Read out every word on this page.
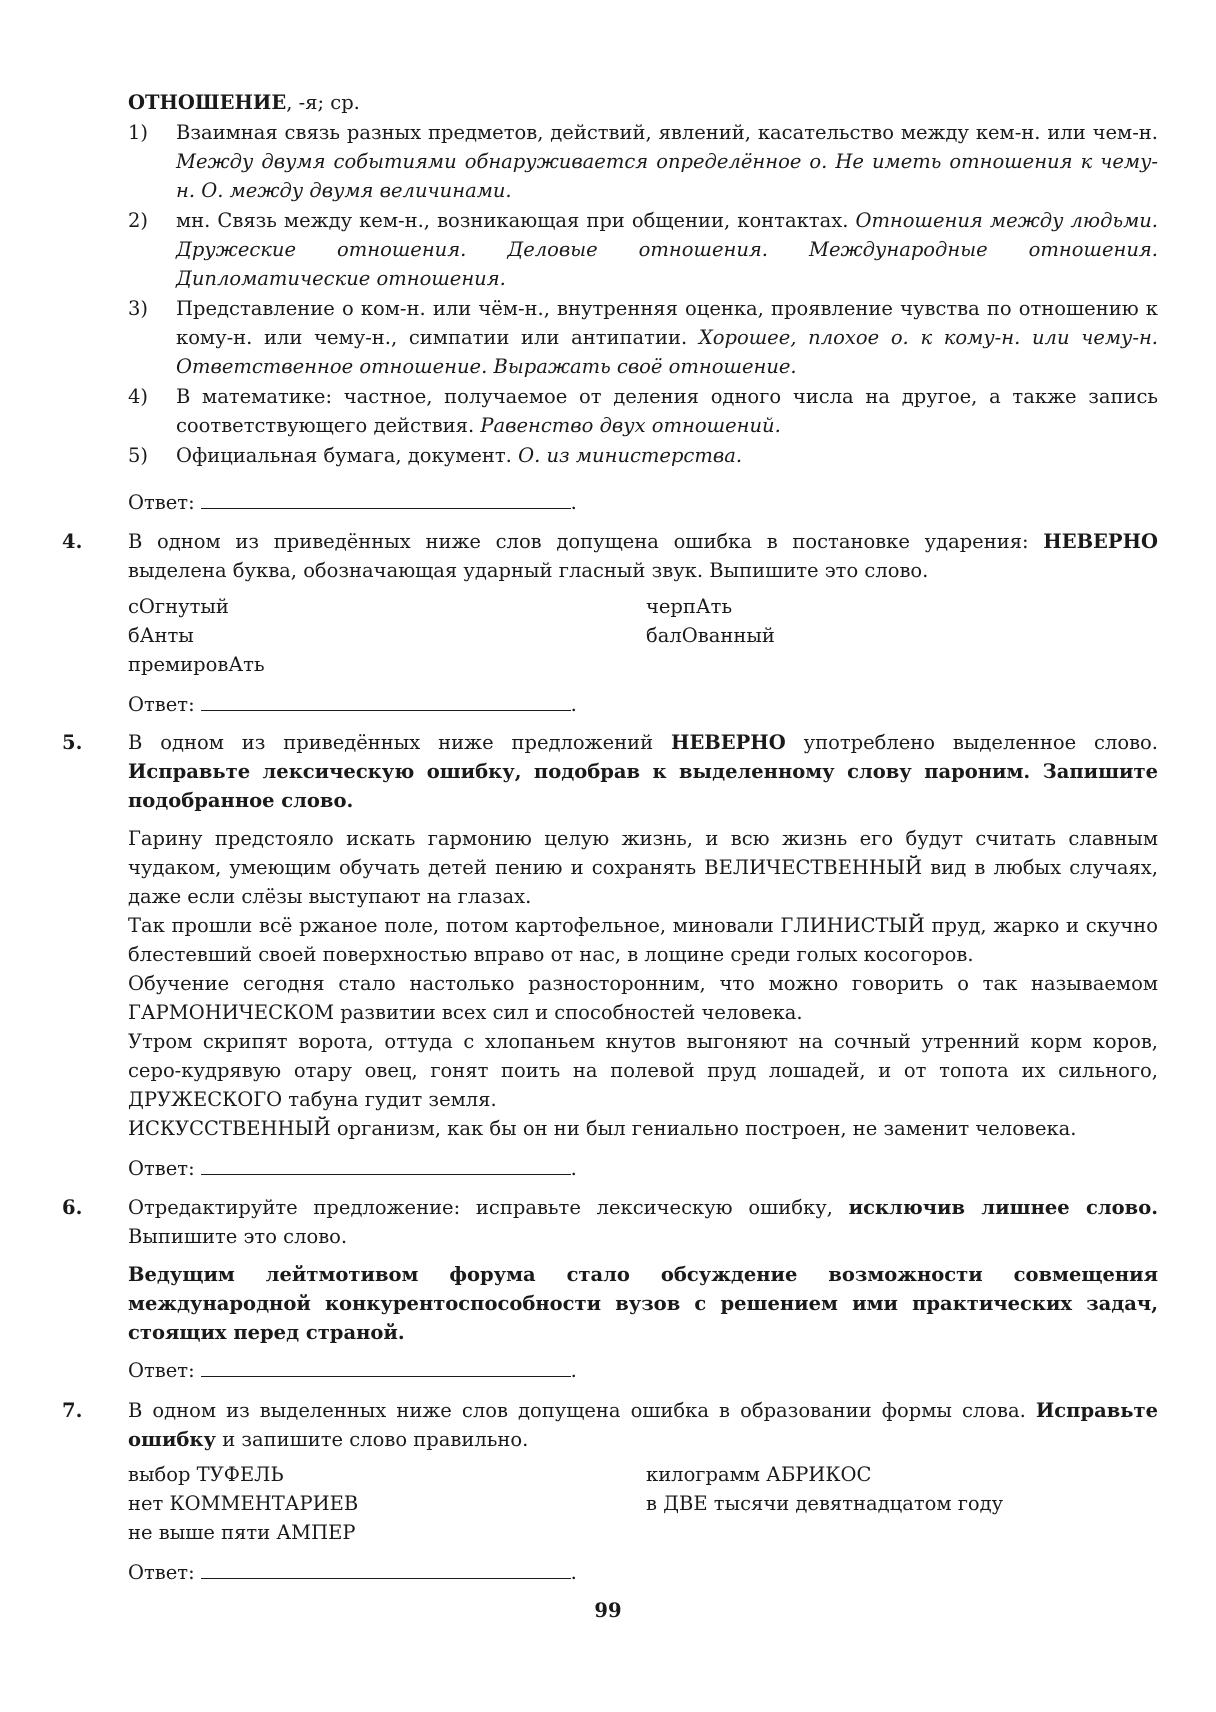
ОТНОШЕНИЕ, -я; ср.
1) Взаимная связь разных предметов, действий, явлений, касательство между кем-н. или чем-н. Между двумя событиями обнаруживается определённое о. Не иметь отношения к чему-н. О. между двумя величинами.
2) мн. Связь между кем-н., возникающая при общении, контактах. Отношения между людьми. Дружеские отношения. Деловые отношения. Международные отношения. Дипломатические отношения.
3) Представление о ком-н. или чём-н., внутренняя оценка, проявление чувства по отношению к кому-н. или чему-н., симпатии или антипатии. Хорошее, плохое о. к кому-н. или чему-н. Ответственное отношение. Выражать своё отношение.
4) В математике: частное, получаемое от деления одного числа на другое, а также запись соответствующего действия. Равенство двух отношений.
5) Официальная бумага, документ. О. из министерства.
Ответ:	.
4. В одном из приведённых ниже слов допущена ошибка в постановке ударения: НЕВЕРНО выделена буква, обозначающая ударный гласный звук. Выпишите это слово.
сОгнутый
бАнты
премировАть
черпАть
балОванный
Ответ:	.
5. В одном из приведённых ниже предложений НЕВЕРНО употреблено выделенное слово. Исправьте лексическую ошибку, подобрав к выделенному слову пароним. Запишите подобранное слово.
Гарину предстояло искать гармонию целую жизнь, и всю жизнь его будут считать славным чудаком, умеющим обучать детей пению и сохранять ВЕЛИЧЕСТВЕННЫЙ вид в любых случаях, даже если слёзы выступают на глазах.
Так прошли всё ржаное поле, потом картофельное, миновали ГЛИНИСТЫЙ пруд, жарко и скучно блестевший своей поверхностью вправо от нас, в лощине среди голых косогоров.
Обучение сегодня стало настолько разносторонним, что можно говорить о так называемом ГАРМОНИЧЕСКОМ развитии всех сил и способностей человека.
Утром скрипят ворота, оттуда с хлопаньем кнутов выгоняют на сочный утренний корм коров, серо-кудрявую отару овец, гонят поить на полевой пруд лошадей, и от топота их сильного, ДРУЖЕСКОГО табуна гудит земля.
ИСКУССТВЕННЫЙ организм, как бы он ни был гениально построен, не заменит человека.
Ответ:	.
6. Отредактируйте предложение: исправьте лексическую ошибку, исключив лишнее слово. Выпишите это слово.
Ведущим лейтмотивом форума стало обсуждение возможности совмещения международной конкурентоспособности вузов с решением ими практических задач, стоящих перед страной.
Ответ:	.
7. В одном из выделенных ниже слов допущена ошибка в образовании формы слова. Исправьте ошибку и запишите слово правильно.
выбор ТУФЕЛЬ
нет КОММЕНТАРИЕВ
не выше пяти АМПЕР
килограмм АБРИКОС
в ДВЕ тысячи девятнадцатом году
Ответ:	.
99
